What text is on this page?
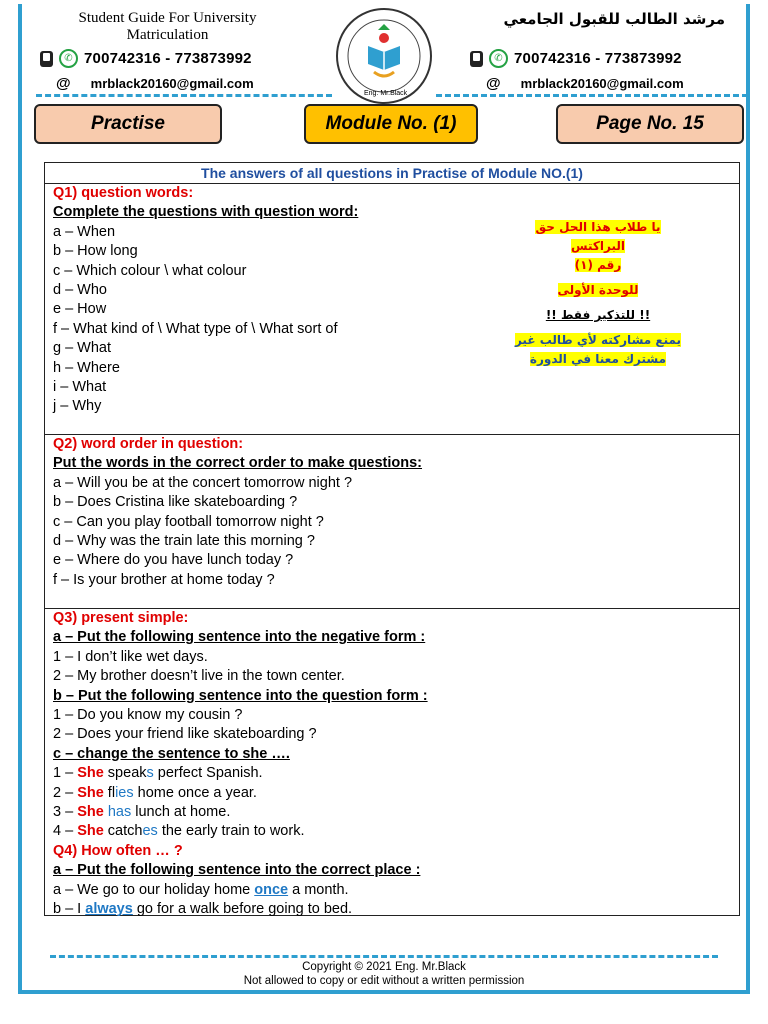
Student Guide For University
Matriculation
✆ 700742316 - 773873992
@ mrblack20160@gmail.com
مرشد الطالب للقبول الجامعي
✆ 700742316 - 773873992
@ mrblack20160@gmail.com
Eng. Mr.Black
Practise	Module No. (1)	Page No. 15
The answers of all questions in Practise of Module NO.(1)
Q1) question words:
Complete the questions with question word:
a – When
b – How long
c – Which colour \ what colour
d – Who
e – How
f – What kind of \ What type of \ What sort of
g – What
h – Where
i – What
j – Why
يا طلاب هذا الحل حق البراكتس
رقم (١)
للوحدة الأولى
!! للتذكير فقط !!
يمنع مشاركته لأي طالب غير
مشترك معنا في الدورة
Q2) word order in question:
Put the words in the correct order to make questions:
a – Will you be at the concert tomorrow night ?
b – Does Cristina like skateboarding ?
c – Can you play football tomorrow night ?
d – Why was the train late this morning ?
e – Where do you have lunch today ?
f – Is your brother at home today ?
Q3) present simple:
a – Put the following sentence into the negative form :
1 – I don’t like wet days.
2 – My brother doesn’t live in the town center.
b – Put the following sentence into the question form :
1 – Do you know my cousin ?
2 – Does your friend like skateboarding ?
c – change the sentence to she ….
1 – She speaks perfect Spanish.
2 – She flies home once a year.
3 – She has lunch at home.
4 – She catches the early train to work.
Q4) How often … ?
a – Put the following sentence into the correct place :
a – We go to our holiday home once a month.
b – I always go for a walk before going to bed.
Copyright © 2021 Eng. Mr.Black
Not allowed to copy or edit without a written permission
